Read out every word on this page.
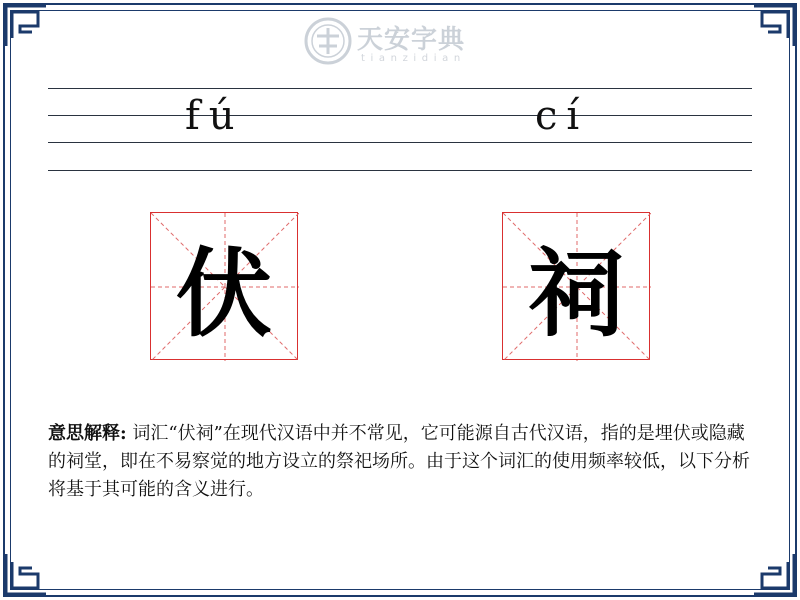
天安字典
tianzidian
fú	cí
伏	祠
意思解释: 词汇“伏祠”在现代汉语中并不常见，它可能源自古代汉语，指的是埋伏或隐藏的祠堂，即在不易察觉的地方设立的祭祀场所。由于这个词汇的使用频率较低，以下分析将基于其可能的含义进行。
